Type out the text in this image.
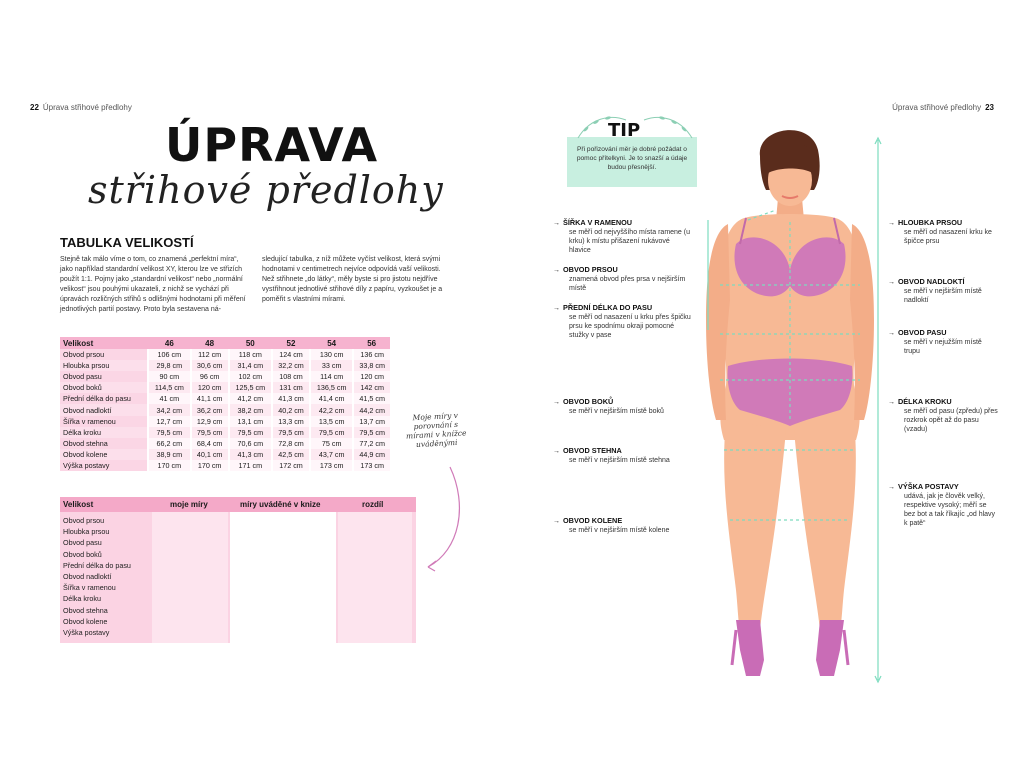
22 Úprava střihové předlohy	Úprava střihové předlohy 23
ÚPRAVA
střihové předlohy
TABULKA VELIKOSTÍ

Stejně tak málo víme o tom, co znamená „perfektní míra“, jako například standardní velikost XY, kterou lze ve střizích použít 1:1. Pojmy jako „standardní velikost“ nebo „normální velikost“ jsou pouhými ukazateli, z nichž se vychází při úpravách rozličných střihů s odlišnými hodnotami při měření jednotlivých partií postavy. Proto byla sestavena ná-

sledující tabulka, z níž můžete vyčíst velikost, která svými hodnotami v centimetrech nejvíce odpovídá vaší velikosti. Než střihnete „do látky“, měly byste si pro jistotu nejdříve vystřihnout jednotlivé střihové díly z papíru, vyzkoušet je a poměřit s vlastními mírami.

Velikost	46	48	50	52	54	56
Obvod prsou	106 cm	112 cm	118 cm	124 cm	130 cm	136 cm
Hloubka prsou	29,8 cm	30,6 cm	31,4 cm	32,2 cm	33 cm	33,8 cm
Obvod pasu	90 cm	96 cm	102 cm	108 cm	114 cm	120 cm
Obvod boků	114,5 cm	120 cm	125,5 cm	131 cm	136,5 cm	142 cm
Přední délka do pasu	41 cm	41,1 cm	41,2 cm	41,3 cm	41,4 cm	41,5 cm
Obvod nadloktí	34,2 cm	36,2 cm	38,2 cm	40,2 cm	42,2 cm	44,2 cm
Šířka v ramenou	12,7 cm	12,9 cm	13,1 cm	13,3 cm	13,5 cm	13,7 cm
Délka kroku	79,5 cm	79,5 cm	79,5 cm	79,5 cm	79,5 cm	79,5 cm
Obvod stehna	66,2 cm	68,4 cm	70,6 cm	72,8 cm	75 cm	77,2 cm
Obvod kolene	38,9 cm	40,1 cm	41,3 cm	42,5 cm	43,7 cm	44,9 cm
Výška postavy	170 cm	170 cm	171 cm	172 cm	173 cm	173 cm
Velikost	moje míry	míry uváděné v knize	rozdíl
Obvod prsou
Hloubka prsou
Obvod pasu
Obvod boků
Přední délka do pasu
Obvod nadloktí
Šířka v ramenou
Délka kroku
Obvod stehna
Obvod kolene
Výška postavy
Moje míry v porovnání s mírami v knížce uváděnými
TIP
Při pořizování měr je dobré požádat o pomoc přítelkyni. Je to snazší a údaje budou přesnější.
→ ŠÍŘKA V RAMENOU
se měří od nejvyššího místa ramene (u krku) k místu přišazení rukávové hlavice
→ OBVOD PRSOU
znamená obvod přes prsa v nejširším místě
→ PŘEDNÍ DÉLKA DO PASU
se měří od nasazení u krku přes špičku prsu ke spodnímu okraji pomocné stužky v pase
→ OBVOD BOKŮ
se měří v nejširším místě boků
→ OBVOD STEHNA
se měří v nejširším místě stehna
→ OBVOD KOLENE
se měří v nejširším místě kolene
→ HLOUBKA PRSOU
se měří od nasazení krku ke špičce prsu
→ OBVOD NADLOKTÍ
se měří v nejširším místě nadloktí
→ OBVOD PASU
se měří v nejužším místě trupu
→ DÉLKA KROKU
se měří od pasu (zpředu) přes rozkrok opět až do pasu (vzadu)
→ VÝŠKA POSTAVY
udává, jak je člověk velký, respektive vysoký; měří se bez bot a tak říkajíc „od hlavy k patě“
